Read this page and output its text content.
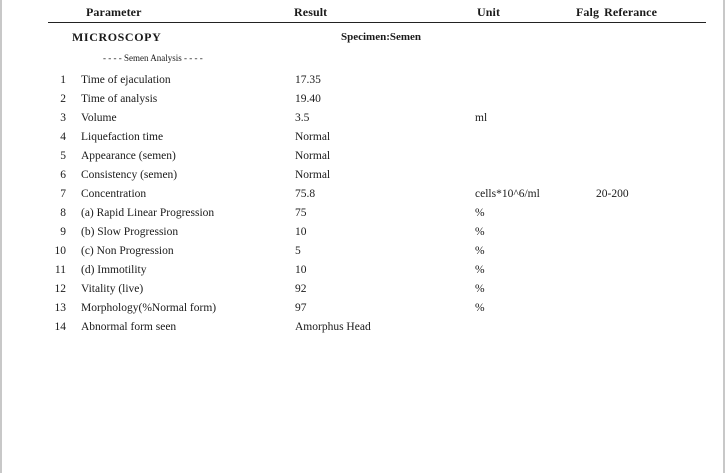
Parameter	Result	Unit	Falg Referance
MICROSCOPY	Specimen:Semen
- - - - Semen Analysis - - - -
1 Time of ejaculation	17.35
2 Time of analysis	19.40
3 Volume	3.5	ml
4 Liquefaction time	Normal
5 Appearance (semen)	Normal
6 Consistency (semen)	Normal
7 Concentration	75.8	cells*10^6/ml	20-200
8 (a) Rapid Linear Progression	75	%
9 (b) Slow Progression	10	%
10 (c) Non Progression	5	%
11 (d) Immotility	10	%
12 Vitality (live)	92	%
13 Morphology(%Normal form)	97	%
14 Abnormal form seen	Amorphus Head
